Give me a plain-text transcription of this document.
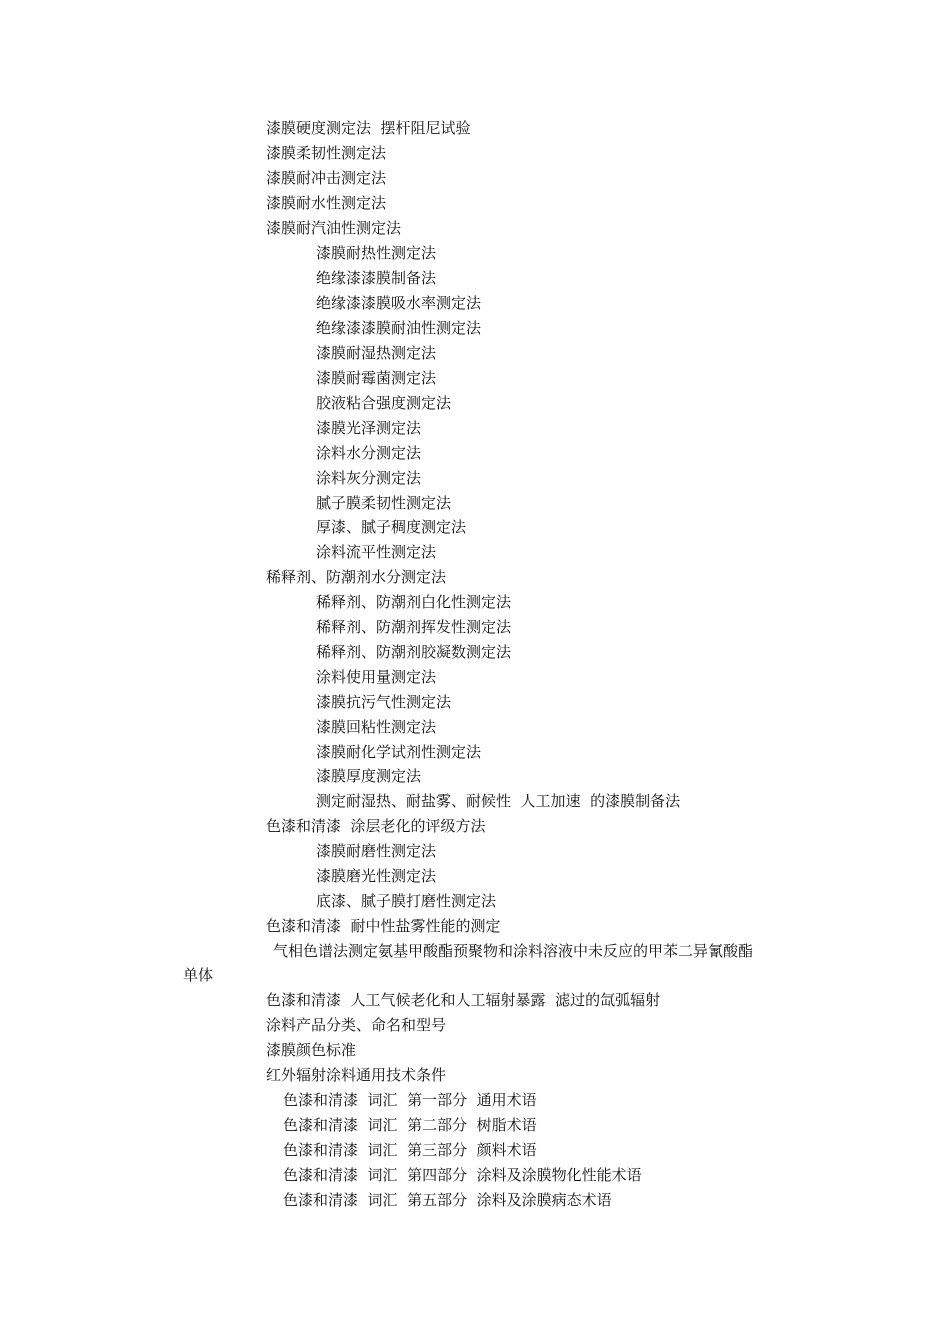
漆膜硬度测定法  摆杆阻尼试验
漆膜柔韧性测定法
漆膜耐冲击测定法
漆膜耐水性测定法
漆膜耐汽油性测定法
漆膜耐热性测定法
绝缘漆漆膜制备法
绝缘漆漆膜吸水率测定法
绝缘漆漆膜耐油性测定法
漆膜耐湿热测定法
漆膜耐霉菌测定法
胶液粘合强度测定法
漆膜光泽测定法
涂料水分测定法
涂料灰分测定法
腻子膜柔韧性测定法
厚漆、腻子稠度测定法
涂料流平性测定法
稀释剂、防潮剂水分测定法
稀释剂、防潮剂白化性测定法
稀释剂、防潮剂挥发性测定法
稀释剂、防潮剂胶凝数测定法
涂料使用量测定法
漆膜抗污气性测定法
漆膜回粘性测定法
漆膜耐化学试剂性测定法
漆膜厚度测定法
测定耐湿热、耐盐雾、耐候性  人工加速  的漆膜制备法
色漆和清漆  涂层老化的评级方法
漆膜耐磨性测定法
漆膜磨光性测定法
底漆、腻子膜打磨性测定法
色漆和清漆  耐中性盐雾性能的测定
气相色谱法测定氨基甲酸酯预聚物和涂料溶液中未反应的甲苯二异氰酸酯
单体
色漆和清漆  人工气候老化和人工辐射暴露  滤过的氙弧辐射
涂料产品分类、命名和型号
漆膜颜色标准
红外辐射涂料通用技术条件
色漆和清漆  词汇  第一部分  通用术语
色漆和清漆  词汇  第二部分  树脂术语
色漆和清漆  词汇  第三部分  颜料术语
色漆和清漆  词汇  第四部分  涂料及涂膜物化性能术语
色漆和清漆  词汇  第五部分  涂料及涂膜病态术语
